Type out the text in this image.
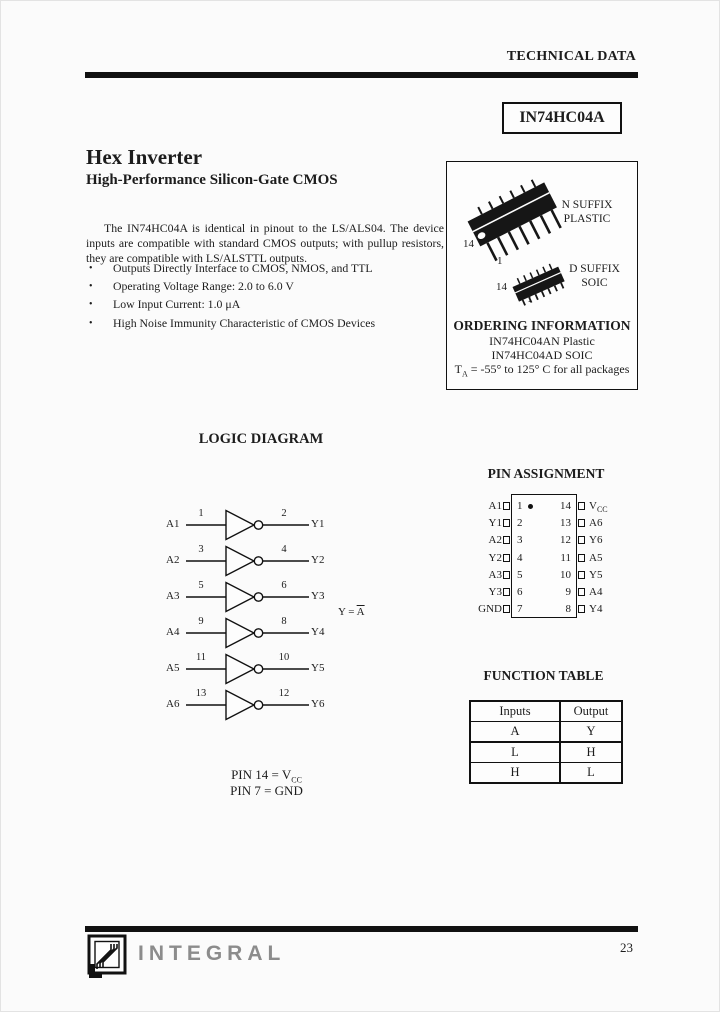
TECHNICAL DATA
IN74HC04A
Hex Inverter
High-Performance Silicon-Gate CMOS
The IN74HC04A is identical in pinout to the LS/ALS04. The device inputs are compatible with standard CMOS outputs; with pullup resistors, they are compatible with LS/ALSTTL outputs.
•	Outputs Directly Interface to CMOS, NMOS, and TTL
•	Operating Voltage Range: 2.0 to 6.0 V
•	Low Input Current: 1.0 μA
•	High Noise Immunity Characteristic of CMOS Devices
14
1
N SUFFIX
PLASTIC
14
1
D SUFFIX
SOIC
ORDERING INFORMATION
IN74HC04AN Plastic
IN74HC04AD SOIC
$T_A = -55^\circ$ to 125° C for all packages
LOGIC DIAGRAM
A1
1	2
Y1
A2
3	4
Y2
A3
5	6
Y3
A4
9	8
Y4
A5
11	10
Y5
A6
13	12
Y6
$Y = \overline{A}$
PIN $14 = V_{CC}$
PIN 7 = GND
PIN ASSIGNMENT
A1 1	14 $V_{CC}$
Y1 2	13 A6
A2 3	12 Y6
Y2 4	11 A5
A3 5	10 Y5
Y3 6	9 A4
GND 7	8 Y4
FUNCTION TABLE
Inputs	Output
A	Y
L	H
H	L
INTEGRAL	23
